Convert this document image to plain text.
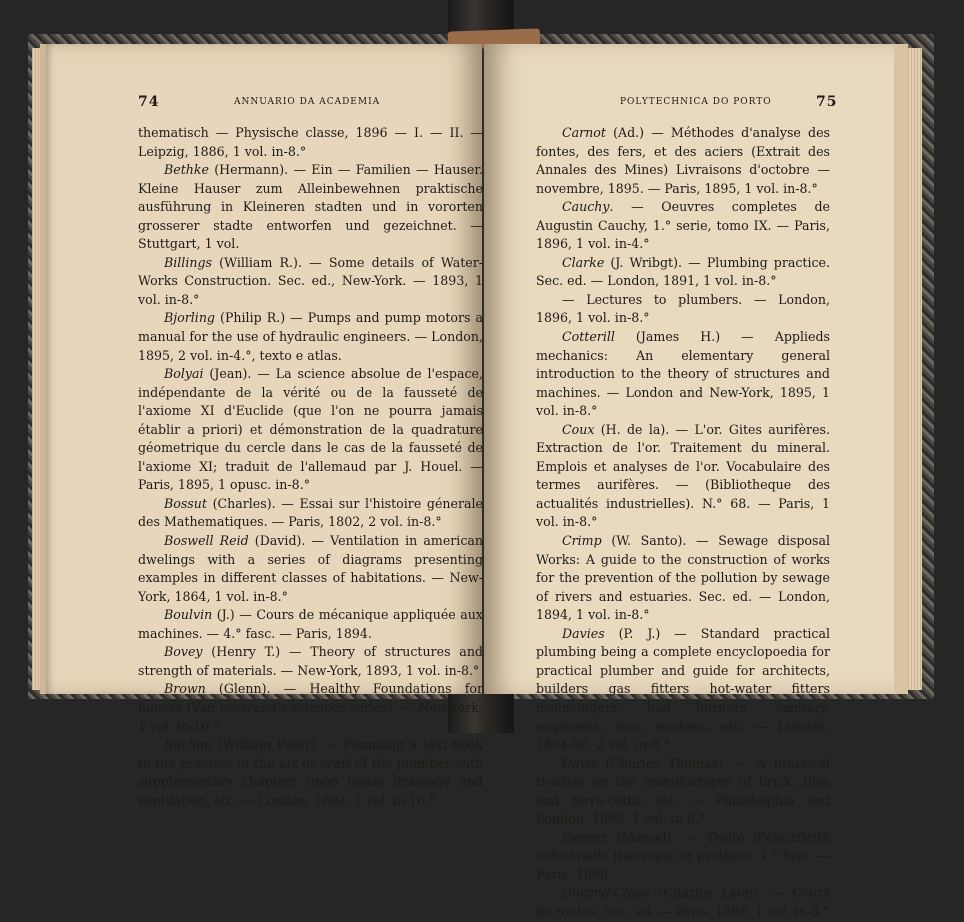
74	ANNUARIO DA ACADEMIA

thematisch — Physische classe, 1896 — I. — II. — Leipzig, 1886, 1 vol. in-8.°

Bethke (Hermann). — Ein — Familien — Hauser. Kleine Hauser zum Alleinbewehnen praktische ausführung in Kleineren stadten und in vororten grosserer stadte entworfen und gezeichnet. — Stuttgart, 1 vol.

Billings (William R.). — Some details of Water-Works Construction. Sec. ed., New-York. — 1893, 1 vol. in-8.°

Bjorling (Philip R.) — Pumps and pump motors a manual for the use of hydraulic engineers. — London, 1895, 2 vol. in-4.°, texto e atlas.

Bolyai (Jean). — La science absolue de l'espace, indépendante de la vérité ou de la fausseté de l'axiome XI d'Euclide (que l'on ne pourra jamais établir a priori) et démonstration de la quadrature géometrique du cercle dans le cas de la fausseté de l'axiome XI; traduit de l'allemaud par J. Houel. — Paris, 1895, 1 opusc. in-8.°

Bossut (Charles). — Essai sur l'histoire génerale des Mathematiques. — Paris, 1802, 2 vol. in-8.°

Boswell Reid (David). — Ventilation in american dwelings with a series of diagrams presenting examples in different classes of habitations. — New-York, 1864, 1 vol. in-8.°

Boulvin (J.) — Cours de mécanique appliquée aux machines. — 4.° fasc. — Paris, 1894.

Bovey (Henry T.) — Theory of structures and strength of materials. — New-York, 1893, 1 vol. in-8.°

Brown (Glenn). — Healthy Foundations for houses (Van nostrand's sciences series). — New-York, 1 vol. in-16.°

Buchan (William Pater). — Plumbing a text-book to the practice of the art or craft of the plumber with supplementary chapters upon house drainage and ventilation, etc. — London, 1892, 1 vol. in-16.°

POLYTECHNICA DO PORTO	75

Carnot (Ad.) — Méthodes d'analyse des fontes, des fers, et des aciers (Extrait des Annales des Mines) Livraisons d'octobre — novembre, 1895. — Paris, 1895, 1 vol. in-8.°

Cauchy. — Oeuvres completes de Augustin Cauchy, 1.° serie, tomo IX. — Paris, 1896, 1 vol. in-4.°

Clarke (J. Wribgt). — Plumbing practice. Sec. ed. — London, 1891, 1 vol. in-8.°

— Lectures to plumbers. — London, 1896, 1 vol. in-8.°

Cotterill (James H.) — Applieds mechanics: An elementary general introduction to the theory of structures and machines. — London and New-York, 1895, 1 vol. in-8.°

Coux (H. de la). — L'or. Gites aurifères. Extraction de l'or. Traitement du mineral. Emplois et analyses de l'or. Vocabulaire des termes aurifères. — (Bibliotheque des actualités industrielles). N.° 68. — Paris, 1 vol. in-8.°

Crimp (W. Santo). — Sewage disposal Works: A guide to the construction of works for the prevention of the pollution by sewage of rivers and estuaries. Sec. ed. — London, 1894, 1 vol. in-8.°

Davies (P. J.) — Standard practical plumbing being a complete encyclopoedia for practical plumber and guide for architects, builders gas fitters hot-water fitters ironmongers, bad burners, sanitary, engineers, zinc, warkers, etc. — London, 1894-96, 2 vol. in-8.°

Davis (Charles Thomas). — A practical treatise on the manufactures of brick, tiles and terra-cotta, etc. — Philadelphia and London, 1895, 1 vol. in-8.°

Deprez (Marcel). — Traité d'électricité industrielle théorique et pratique. 1.° fasc. — Paris, 1896.

Durand-Claye (Charles Léon). — Cours de routes. Sec. ed. — Paris, 1895, 1 vol. in-8.°
